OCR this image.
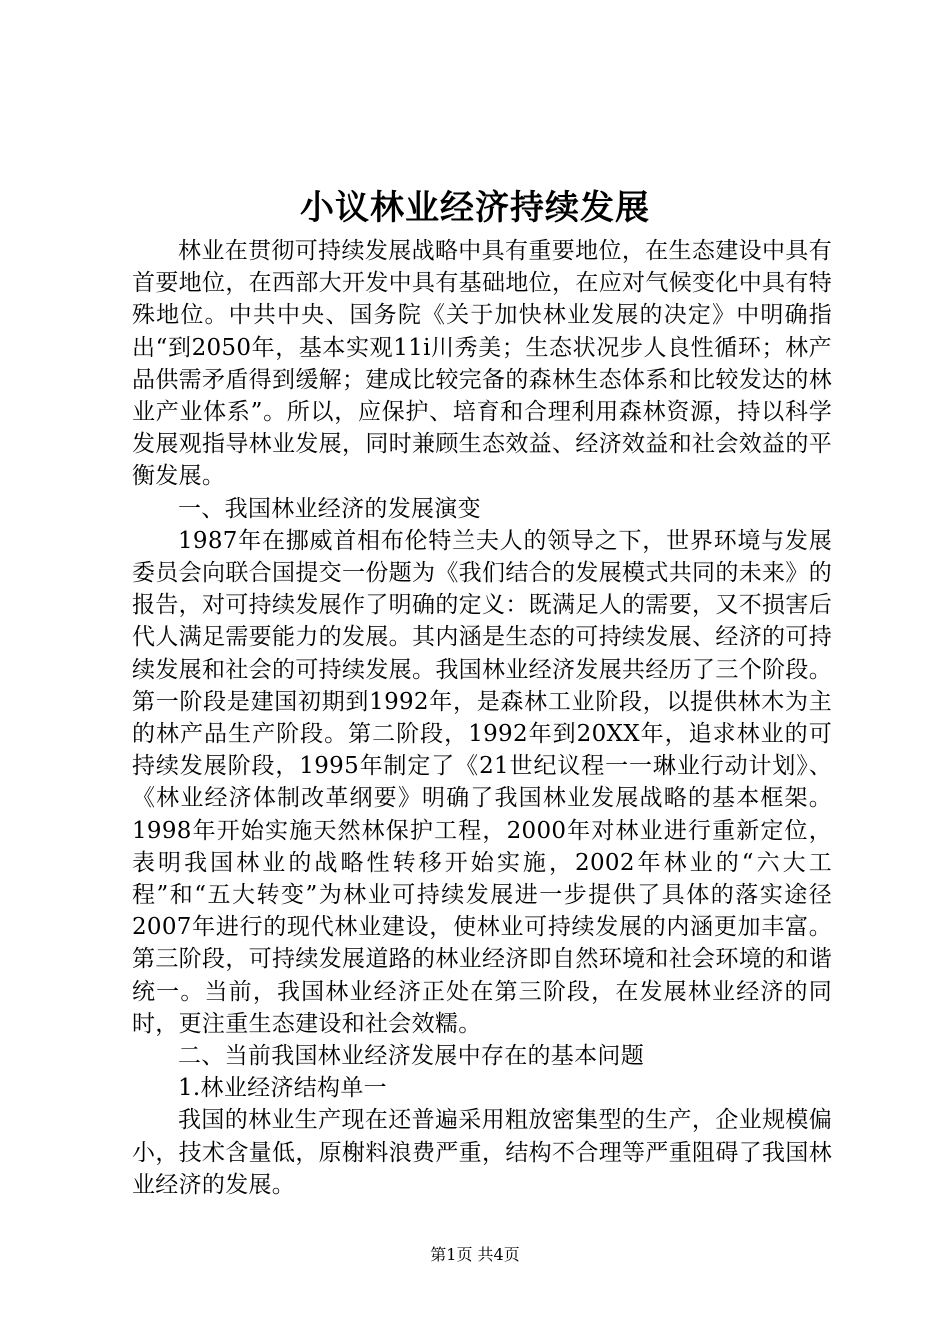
小议林业经济持续发展

林业在贯彻可持续发展战略中具有重要地位，在生态建设中具有首要地位，在西部大开发中具有基础地位，在应对气候变化中具有特殊地位。中共中央、国务院《关于加快林业发展的决定》中明确指出“到2050年，基本实观11i川秀美；生态状况步人良性循环；林产品供需矛盾得到缓解；建成比较完备的森林生态体系和比较发达的林业产业体系”。所以，应保护、培育和合理利用森林资源，持以科学发展观指导林业发展，同时兼顾生态效益、经济效益和社会效益的平衡发展。

一、我国林业经济的发展演变

1987年在挪威首相布伦特兰夫人的领导之下，世界环境与发展委员会向联合国提交一份题为《我们结合的发展模式共同的未来》的报告，对可持续发展作了明确的定义：既满足人的需要，又不损害后代人满足需要能力的发展。其内涵是生态的可持续发展、经济的可持续发展和社会的可持续发展。我国林业经济发展共经历了三个阶段。第一阶段是建国初期到1992年，是森林工业阶段，以提供林木为主的林产品生产阶段。第二阶段，1992年到20XX年，追求林业的可持续发展阶段，1995年制定了《21世纪议程一一琳业行动计划》、《林业经济体制改革纲要》明确了我国林业发展战略的基本框架。1998年开始实施天然林保护工程，2000年对林业进行重新定位，表明我国林业的战略性转移开始实施，2002年林业的“六大工程”和“五大转变”为林业可持续发展进一步提供了具体的落实途径2007年进行的现代林业建设，使林业可持续发展的内涵更加丰富。第三阶段，可持续发展道路的林业经济即自然环境和社会环境的和谐统一。当前，我国林业经济正处在第三阶段，在发展林业经济的同时，更注重生态建设和社会效糯。

二、当前我国林业经济发展中存在的基本问题

1.林业经济结构单一

我国的林业生产现在还普遍采用粗放密集型的生产，企业规模偏小，技术含量低，原榭料浪费严重，结构不合理等严重阻碍了我国林业经济的发展。

第1页 共4页
